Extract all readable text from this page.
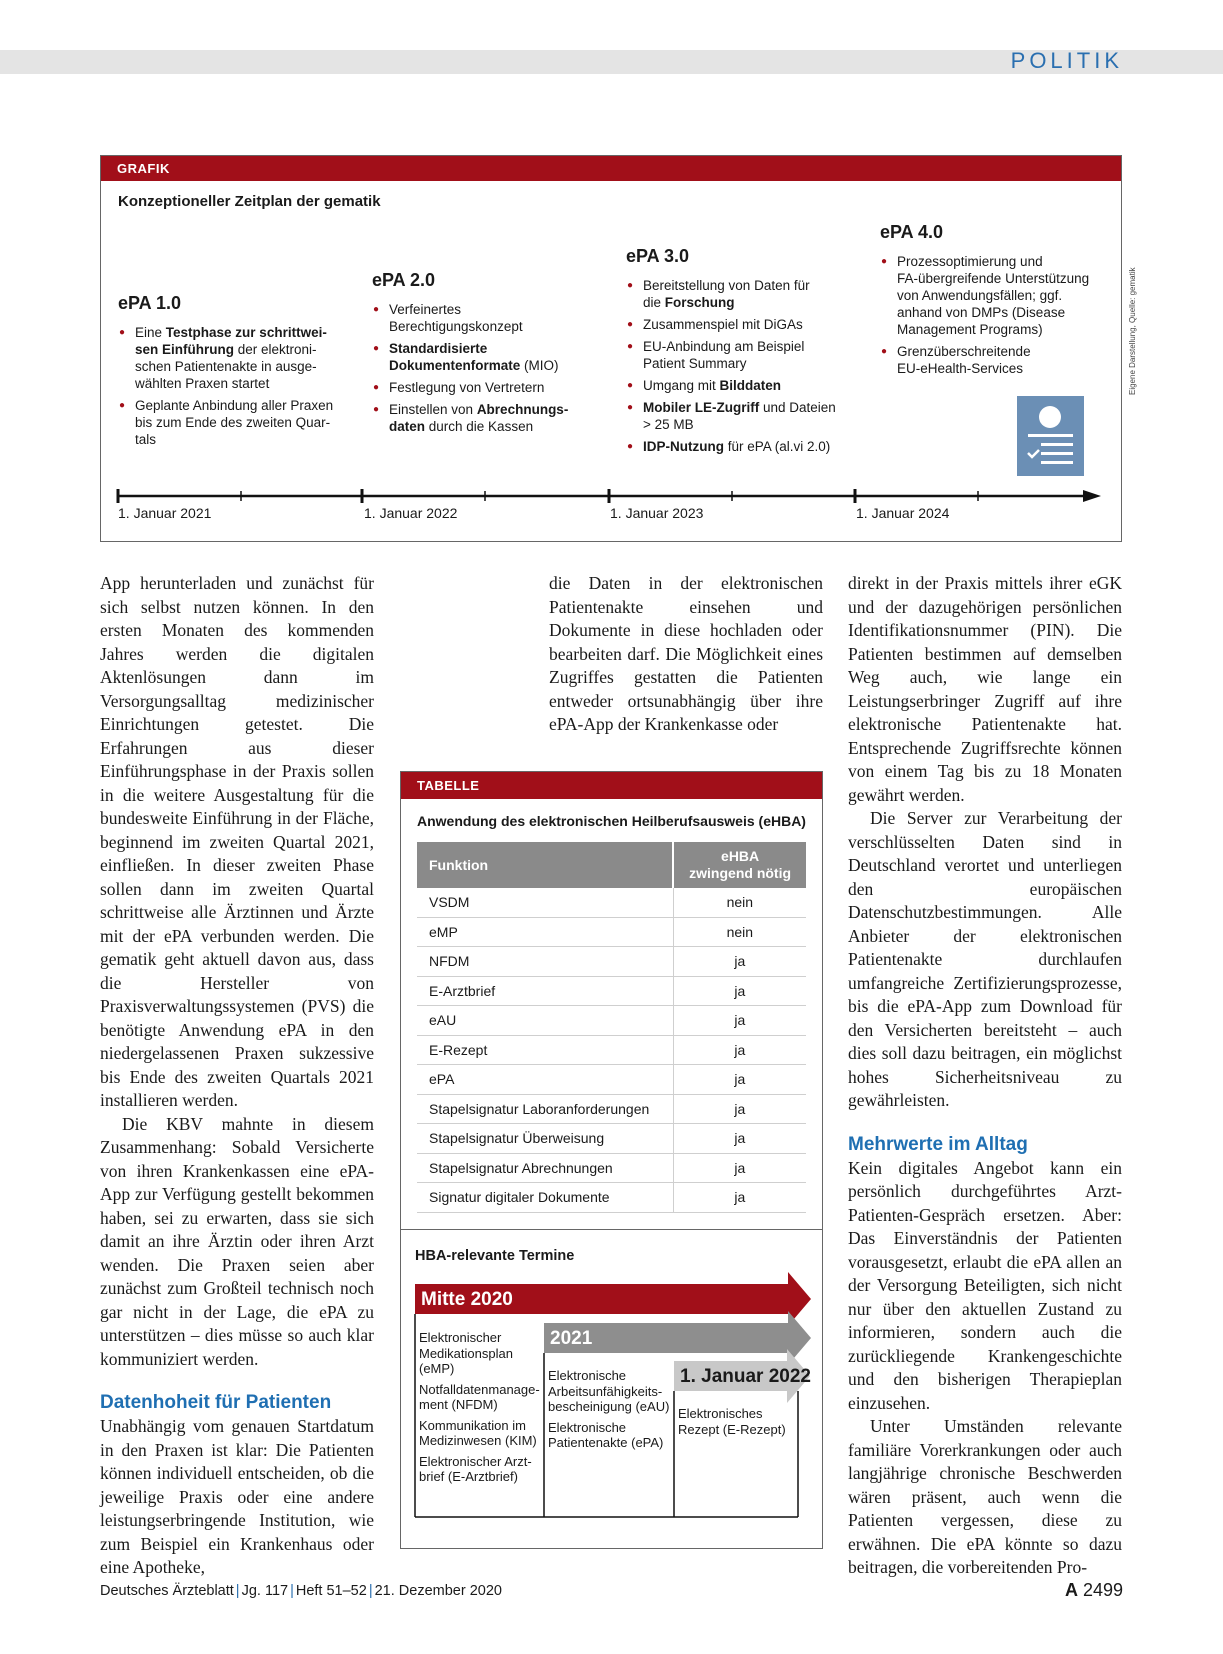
POLITIK
GRAFIK
Konzeptioneller Zeitplan der gematik
ePA 1.0
● Eine Testphase zur schrittwei-
sen Einführung der elektroni-
schen Patientenakte in ausge-
wählten Praxen startet
● Geplante Anbindung aller Praxen
bis zum Ende des zweiten Quar-
tals
ePA 2.0
● Verfeinertes
Berechtigungskonzept
● Standardisierte
Dokumentenformate (MIO)
● Festlegung von Vertretern
● Einstellen von Abrechnungs-
daten durch die Kassen
ePA 3.0
● Bereitstellung von Daten für
die Forschung
● Zusammenspiel mit DiGAs
● EU-Anbindung am Beispiel
Patient Summary
● Umgang mit Bilddaten
● Mobiler LE-Zugriff und Dateien
> 25 MB
● IDP-Nutzung für ePA (al.vi 2.0)
ePA 4.0
● Prozessoptimierung und
FA-übergreifende Unterstützung
von Anwendungsfällen; ggf.
anhand von DMPs (Disease
Management Programs)
● Grenzüberschreitende
EU-eHealth-Services
1. Januar 2021	1. Januar 2022	1. Januar 2023	1. Januar 2024
Eigene Darstellung, Quelle: gematik

App herunterladen und zunächst für sich selbst nutzen können. In den ersten Monaten des kommenden Jahres werden die digitalen Aktenlösungen dann im Versorgungsalltag medizinischer Einrichtungen getestet. Die Erfahrungen aus dieser Einführungsphase in der Praxis sollen in die weitere Ausgestaltung für die bundesweite Einführung in der Fläche, beginnend im zweiten Quartal 2021, einfließen. In dieser zweiten Phase sollen dann im zweiten Quartal schrittweise alle Ärztinnen und Ärzte mit der ePA verbunden werden. Die gematik geht aktuell davon aus, dass die Hersteller von Praxisverwaltungssystemen (PVS) die benötigte Anwendung ePA in den niedergelassenen Praxen sukzessive bis Ende des zweiten Quartals 2021 installieren werden.

Die KBV mahnte in diesem Zusammenhang: Sobald Versicherte von ihren Krankenkassen eine ePA-App zur Verfügung gestellt bekommen haben, sei zu erwarten, dass sie sich damit an ihre Ärztin oder ihren Arzt wenden. Die Praxen seien aber zunächst zum Großteil technisch noch gar nicht in der Lage, die ePA zu unterstützen – dies müsse so auch klar kommuniziert werden.

Datenhoheit für Patienten

Unabhängig vom genauen Startdatum in den Praxen ist klar: Die Patienten können individuell entscheiden, ob die jeweilige Praxis oder eine andere leistungserbringende Institution, wie zum Beispiel ein Krankenhaus oder eine Apotheke,

die Daten in der elektronischen Patientenakte einsehen und Dokumente in diese hochladen oder bearbeiten darf. Die Möglichkeit eines Zugriffes gestatten die Patienten entweder ortsunabhängig über ihre ePA-App der Krankenkasse oder

direkt in der Praxis mittels ihrer eGK und der dazugehörigen persönlichen Identifikationsnummer (PIN). Die Patienten bestimmen auf demselben Weg auch, wie lange ein Leistungserbringer Zugriff auf ihre elektronische Patientenakte hat. Entsprechende Zugriffsrechte können von einem Tag bis zu 18 Monaten gewährt werden.

Die Server zur Verarbeitung der verschlüsselten Daten sind in Deutschland verortet und unterliegen den europäischen Datenschutzbestimmungen. Alle Anbieter der elektronischen Patientenakte durchlaufen umfangreiche Zertifizierungsprozesse, bis die ePA-App zum Download für den Versicherten bereitsteht – auch dies soll dazu beitragen, ein möglichst hohes Sicherheitsniveau zu gewährleisten.

Mehrwerte im Alltag

Kein digitales Angebot kann ein persönlich durchgeführtes Arzt-Patienten-Gespräch ersetzen. Aber: Das Einverständnis der Patienten vorausgesetzt, erlaubt die ePA allen an der Versorgung Beteiligten, sich nicht nur über den aktuellen Zustand zu informieren, sondern auch die zurückliegende Krankengeschichte und den bisherigen Therapieplan einzusehen.

Unter Umständen relevante familiäre Vorerkrankungen oder auch langjährige chronische Beschwerden wären präsent, auch wenn die Patienten vergessen, diese zu erwähnen. Die ePA könnte so dazu beitragen, die vorbereitenden Pro-

TABELLE
Anwendung des elektronischen Heilberufsausweis (eHBA)
Funktion	eHBA
zwingend nötig
VSDM	nein
eMP	nein
NFDM	ja
E-Arztbrief	ja
eAU	ja
E-Rezept	ja
ePA	ja
Stapelsignatur Laboranforderungen	ja
Stapelsignatur Überweisung	ja
Stapelsignatur Abrechnungen	ja
Signatur digitaler Dokumente	ja
HBA-relevante Termine
Mitte 2020
2021
1. Januar 2022
Elektronischer
Medikationsplan
(eMP)
Notfalldatenmanage-
ment (NFDM)
Kommunikation im
Medizinwesen (KIM)
Elektronischer Arzt-
brief (E-Arztbrief)
Elektronische
Arbeitsunfähigkeits-
bescheinigung (eAU)
Elektronische
Patientenakte (ePA)
Elektronisches
Rezept (E-Rezept)
Deutsches Ärzteblatt | Jg. 117 | Heft 51–52 | 21. Dezember 2020	A 2499
